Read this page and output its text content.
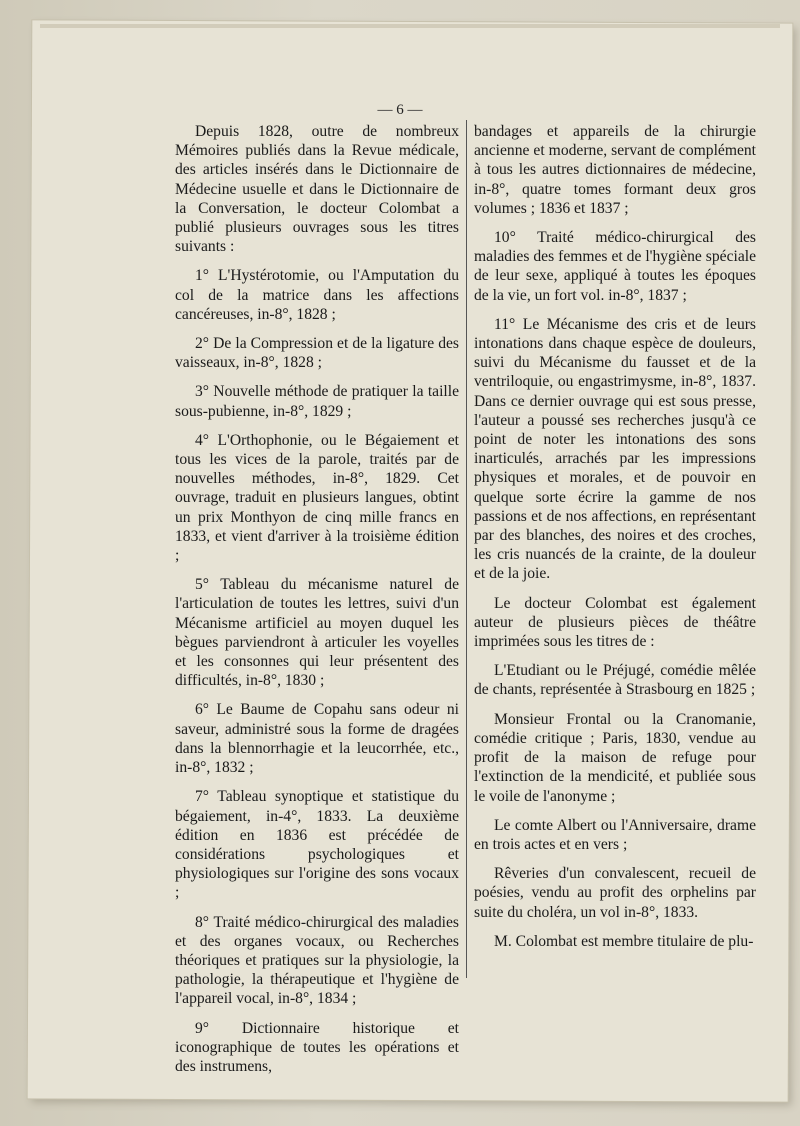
— 6 —

Depuis 1828, outre de nombreux Mémoires publiés dans la Revue médicale, des articles insérés dans le Dictionnaire de Médecine usuelle et dans le Dictionnaire de la Conversation, le docteur Colombat a publié plusieurs ouvrages sous les titres suivants :

1° L'Hystérotomie, ou l'Amputation du col de la matrice dans les affections cancéreuses, in-8°, 1828 ;

2° De la Compression et de la ligature des vaisseaux, in-8°, 1828 ;

3° Nouvelle méthode de pratiquer la taille sous-pubienne, in-8°, 1829 ;

4° L'Orthophonie, ou le Bégaiement et tous les vices de la parole, traités par de nouvelles méthodes, in-8°, 1829. Cet ouvrage, traduit en plusieurs langues, obtint un prix Monthyon de cinq mille francs en 1833, et vient d'arriver à la troisième édition ;

5° Tableau du mécanisme naturel de l'articulation de toutes les lettres, suivi d'un Mécanisme artificiel au moyen duquel les bègues parviendront à articuler les voyelles et les consonnes qui leur présentent des difficultés, in-8°, 1830 ;

6° Le Baume de Copahu sans odeur ni saveur, administré sous la forme de dragées dans la blennorrhagie et la leucorrhée, etc., in-8°, 1832 ;

7° Tableau synoptique et statistique du bégaiement, in-4°, 1833. La deuxième édition en 1836 est précédée de considérations psychologiques et physiologiques sur l'origine des sons vocaux ;

8° Traité médico-chirurgical des maladies et des organes vocaux, ou Recherches théoriques et pratiques sur la physiologie, la pathologie, la thérapeutique et l'hygiène de l'appareil vocal, in-8°, 1834 ;

9° Dictionnaire historique et iconographique de toutes les opérations et des instrumens,

bandages et appareils de la chirurgie ancienne et moderne, servant de complément à tous les autres dictionnaires de médecine, in-8°, quatre tomes formant deux gros volumes ; 1836 et 1837 ;

10° Traité médico-chirurgical des maladies des femmes et de l'hygiène spéciale de leur sexe, appliqué à toutes les époques de la vie, un fort vol. in-8°, 1837 ;

11° Le Mécanisme des cris et de leurs intonations dans chaque espèce de douleurs, suivi du Mécanisme du fausset et de la ventriloquie, ou engastrimysme, in-8°, 1837. Dans ce dernier ouvrage qui est sous presse, l'auteur a poussé ses recherches jusqu'à ce point de noter les intonations des sons inarticulés, arrachés par les impressions physiques et morales, et de pouvoir en quelque sorte écrire la gamme de nos passions et de nos affections, en représentant par des blanches, des noires et des croches, les cris nuancés de la crainte, de la douleur et de la joie.

Le docteur Colombat est également auteur de plusieurs pièces de théâtre imprimées sous les titres de :

L'Etudiant ou le Préjugé, comédie mêlée de chants, représentée à Strasbourg en 1825 ;

Monsieur Frontal ou la Cranomanie, comédie critique ; Paris, 1830, vendue au profit de la maison de refuge pour l'extinction de la mendicité, et publiée sous le voile de l'anonyme ;

Le comte Albert ou l'Anniversaire, drame en trois actes et en vers ;

Rêveries d'un convalescent, recueil de poésies, vendu au profit des orphelins par suite du choléra, un vol in-8°, 1833.

M. Colombat est membre titulaire de plu-
